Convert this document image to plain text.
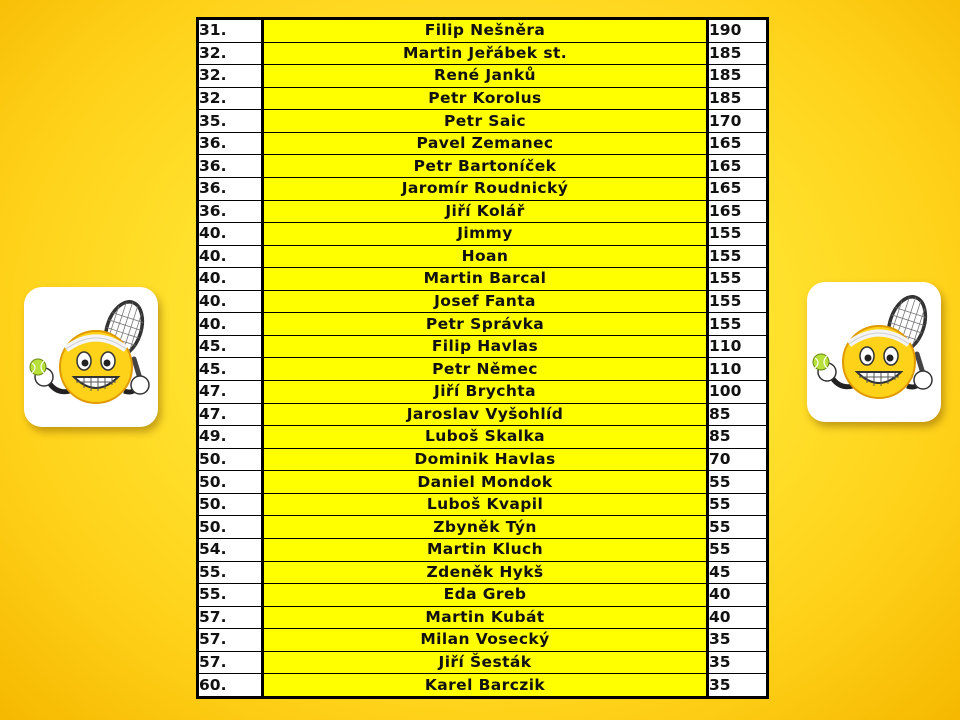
31.	Filip Nešněra	190
32.	Martin Jeřábek st.	185
32.	René Janků	185
32.	Petr Korolus	185
35.	Petr Saic	170
36.	Pavel Zemanec	165
36.	Petr Bartoníček	165
36.	Jaromír Roudnický	165
36.	Jiří Kolář	165
40.	Jimmy	155
40.	Hoan	155
40.	Martin Barcal	155
40.	Josef Fanta	155
40.	Petr Správka	155
45.	Filip Havlas	110
45.	Petr Němec	110
47.	Jiří Brychta	100
47.	Jaroslav Vyšohlíd	85
49.	Luboš Skalka	85
50.	Dominik Havlas	70
50.	Daniel Mondok	55
50.	Luboš Kvapil	55
50.	Zbyněk Týn	55
54.	Martin Kluch	55
55.	Zdeněk Hykš	45
55.	Eda Greb	40
57.	Martin Kubát	40
57.	Milan Vosecký	35
57.	Jiří Šesták	35
60.	Karel Barczik	35
